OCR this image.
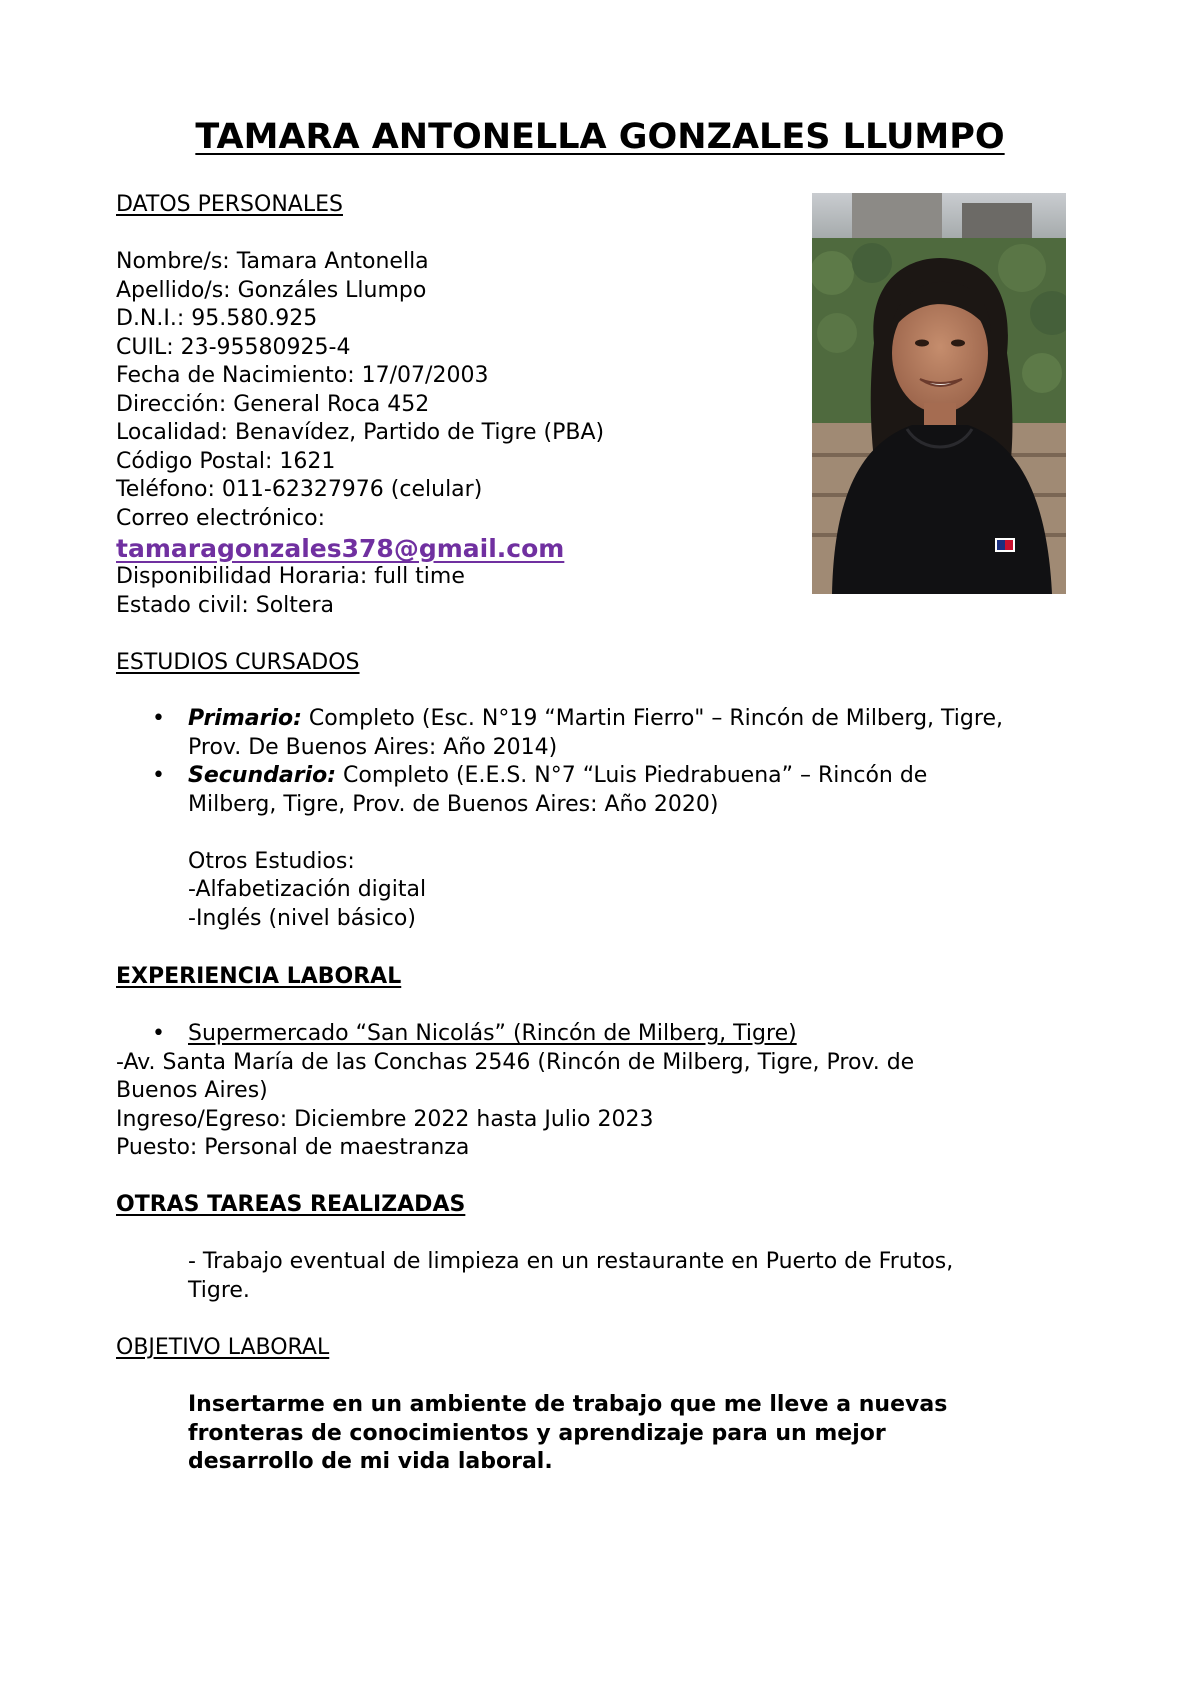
TAMARA ANTONELLA GONZALES LLUMPO
DATOS PERSONALES
Nombre/s: Tamara Antonella
Apellido/s: Gonzáles Llumpo
D.N.I.: 95.580.925
CUIL: 23-95580925-4
Fecha de Nacimiento: 17/07/2003
Dirección: General Roca 452
Localidad: Benavídez, Partido de Tigre (PBA)
Código Postal: 1621
Teléfono: 011-62327976 (celular)
Correo electrónico:
tamaragonzales378@gmail.com
Disponibilidad Horaria: full time
Estado civil: Soltera
ESTUDIOS CURSADOS
• Primario: Completo (Esc. N°19 “Martin Fierro" – Rincón de Milberg, Tigre,
Prov. De Buenos Aires: Año 2014)
• Secundario: Completo (E.E.S. N°7 “Luis Piedrabuena” – Rincón de
Milberg, Tigre, Prov. de Buenos Aires: Año 2020)
Otros Estudios:
-Alfabetización digital
-Inglés (nivel básico)
EXPERIENCIA LABORAL
• Supermercado “San Nicolás” (Rincón de Milberg, Tigre)
-Av. Santa María de las Conchas 2546 (Rincón de Milberg, Tigre, Prov. de
Buenos Aires)
Ingreso/Egreso: Diciembre 2022 hasta Julio 2023
Puesto: Personal de maestranza
OTRAS TAREAS REALIZADAS
- Trabajo eventual de limpieza en un restaurante en Puerto de Frutos,
Tigre.
OBJETIVO LABORAL
Insertarme en un ambiente de trabajo que me lleve a nuevas
fronteras de conocimientos y aprendizaje para un mejor
desarrollo de mi vida laboral.
